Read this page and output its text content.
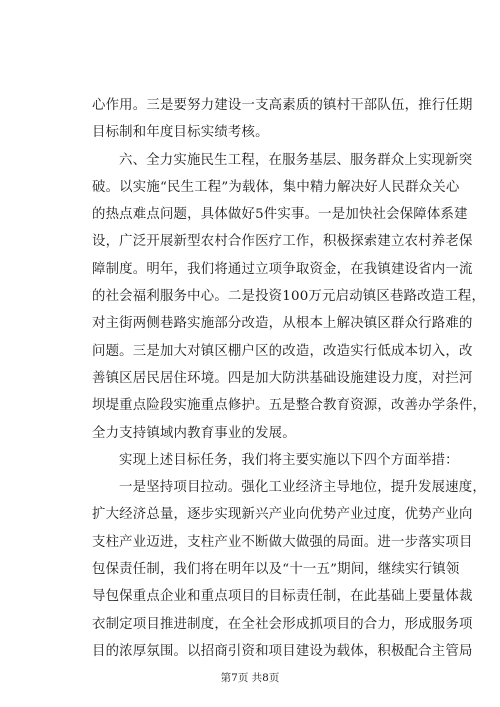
心作用。三是要努力建设一支高素质的镇村干部队伍，推行任期
目标制和年度目标实绩考核。
六、全力实施民生工程，在服务基层、服务群众上实现新突
破。以实施“民生工程”为载体，集中精力解决好人民群众关心
的热点难点问题，具体做好5件实事。一是加快社会保障体系建
设，广泛开展新型农村合作医疗工作，积极探索建立农村养老保
障制度。明年，我们将通过立项争取资金，在我镇建设省内一流
的社会福利服务中心。二是投资100万元启动镇区巷路改造工程，
对主街两侧巷路实施部分改造，从根本上解决镇区群众行路难的
问题。三是加大对镇区棚户区的改造，改造实行低成本切入，改
善镇区居民居住环境。四是加大防洪基础设施建设力度，对拦河
坝堤重点险段实施重点修护。五是整合教育资源，改善办学条件，
全力支持镇域内教育事业的发展。
实现上述目标任务，我们将主要实施以下四个方面举措：
一是坚持项目拉动。强化工业经济主导地位，提升发展速度，
扩大经济总量，逐步实现新兴产业向优势产业过度，优势产业向
支柱产业迈进，支柱产业不断做大做强的局面。进一步落实项目
包保责任制，我们将在明年以及“十一五”期间，继续实行镇领
导包保重点企业和重点项目的目标责任制，在此基础上要量体裁
衣制定项目推进制度，在全社会形成抓项目的合力，形成服务项
目的浓厚氛围。以招商引资和项目建设为载体，积极配合主管局
第7页 共8页
